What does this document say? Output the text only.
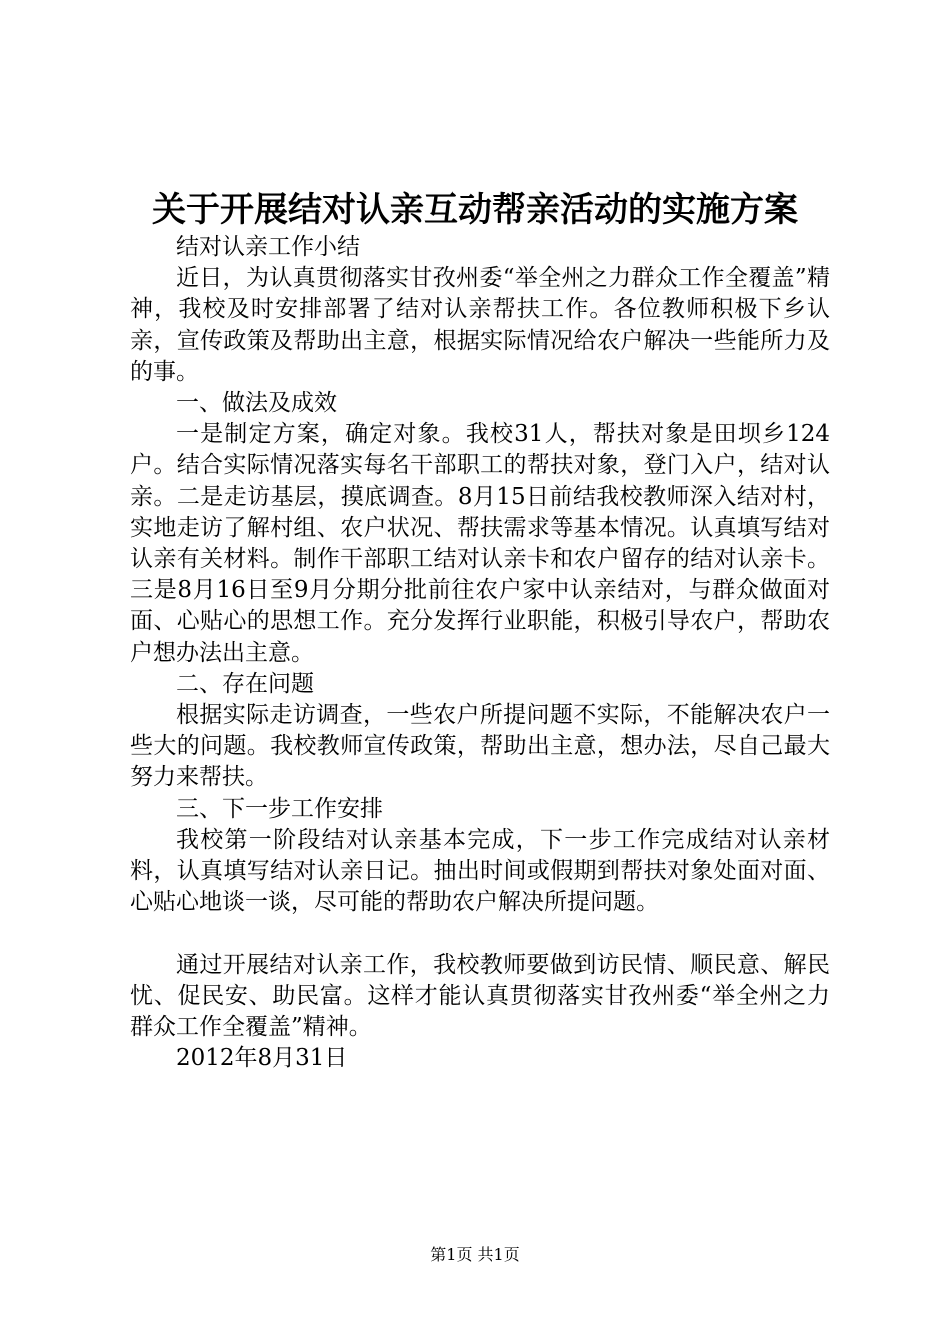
关于开展结对认亲互动帮亲活动的实施方案

结对认亲工作小结

近日，为认真贯彻落实甘孜州委“举全州之力群众工作全覆盖”精神，我校及时安排部署了结对认亲帮扶工作。各位教师积极下乡认亲，宣传政策及帮助出主意，根据实际情况给农户解决一些能所力及的事。

一、做法及成效

一是制定方案，确定对象。我校31人，帮扶对象是田坝乡124户。结合实际情况落实每名干部职工的帮扶对象，登门入户，结对认亲。二是走访基层，摸底调查。8月15日前结我校教师深入结对村，实地走访了解村组、农户状况、帮扶需求等基本情况。认真填写结对认亲有关材料。制作干部职工结对认亲卡和农户留存的结对认亲卡。三是8月16日至9月分期分批前往农户家中认亲结对，与群众做面对面、心贴心的思想工作。充分发挥行业职能，积极引导农户，帮助农户想办法出主意。

二、存在问题

根据实际走访调查，一些农户所提问题不实际，不能解决农户一些大的问题。我校教师宣传政策，帮助出主意，想办法，尽自己最大努力来帮扶。

三、下一步工作安排

我校第一阶段结对认亲基本完成，下一步工作完成结对认亲材料，认真填写结对认亲日记。抽出时间或假期到帮扶对象处面对面、心贴心地谈一谈，尽可能的帮助农户解决所提问题。

通过开展结对认亲工作，我校教师要做到访民情、顺民意、解民忧、促民安、助民富。这样才能认真贯彻落实甘孜州委“举全州之力群众工作全覆盖”精神。

2012年8月31日

第1页 共1页
